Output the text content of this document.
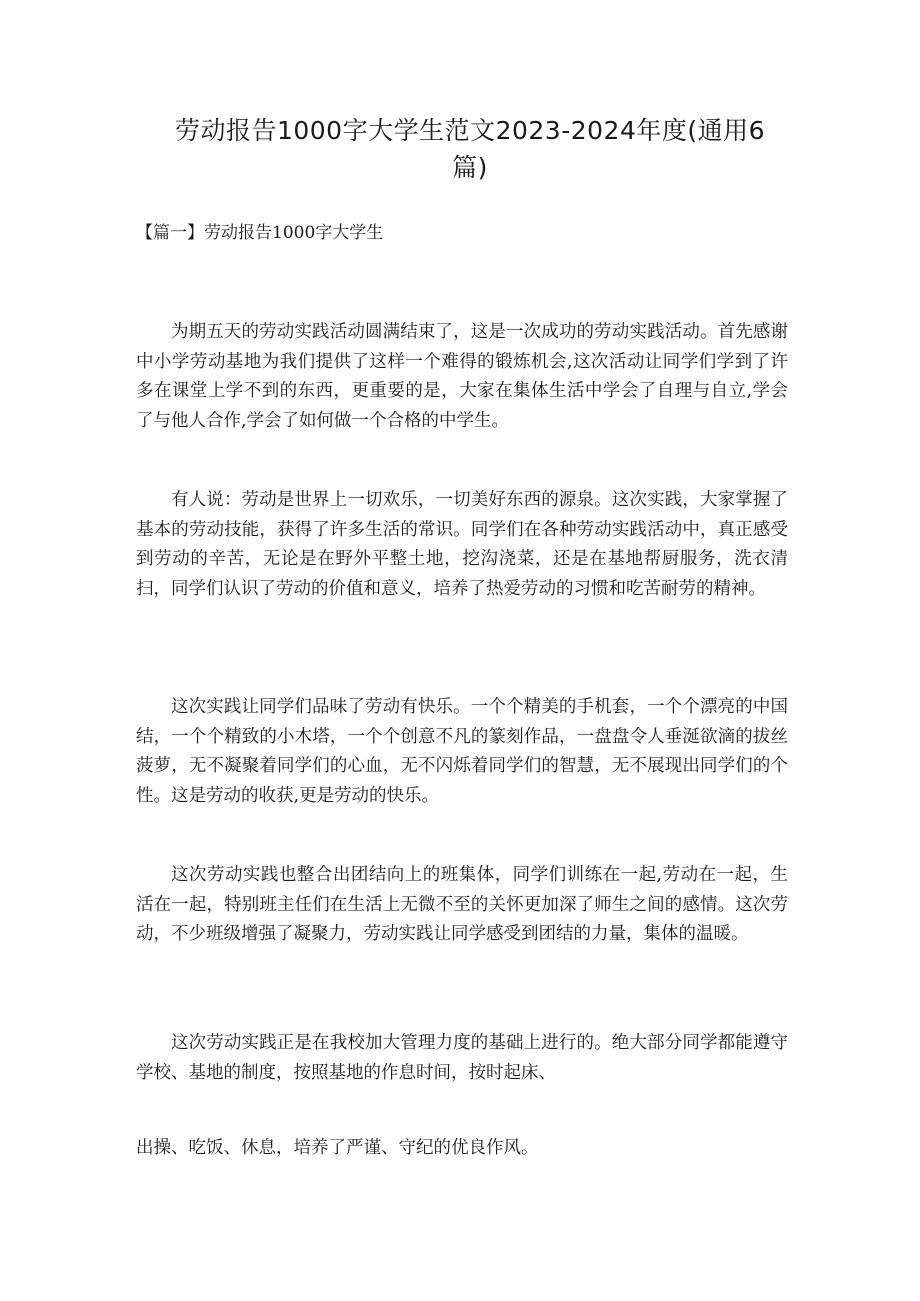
劳动报告1000字大学生范文2023-2024年度(通用6篇)
【篇一】劳动报告1000字大学生

为期五天的劳动实践活动圆满结束了，这是一次成功的劳动实践活动。首先感谢中小学劳动基地为我们提供了这样一个难得的锻炼机会,这次活动让同学们学到了许多在课堂上学不到的东西，更重要的是，大家在集体生活中学会了自理与自立,学会了与他人合作,学会了如何做一个合格的中学生。

有人说：劳动是世界上一切欢乐，一切美好东西的源泉。这次实践，大家掌握了基本的劳动技能，获得了许多生活的常识。同学们在各种劳动实践活动中，真正感受到劳动的辛苦，无论是在野外平整土地，挖沟浇菜，还是在基地帮厨服务，洗衣清扫，同学们认识了劳动的价值和意义，培养了热爱劳动的习惯和吃苦耐劳的精神。

这次实践让同学们品味了劳动有快乐。一个个精美的手机套，一个个漂亮的中国结，一个个精致的小木塔，一个个创意不凡的篆刻作品，一盘盘令人垂涎欲滴的拔丝菠萝，无不凝聚着同学们的心血，无不闪烁着同学们的智慧，无不展现出同学们的个性。这是劳动的收获,更是劳动的快乐。

这次劳动实践也整合出团结向上的班集体，同学们训练在一起,劳动在一起，生活在一起，特别班主任们在生活上无微不至的关怀更加深了师生之间的感情。这次劳动，不少班级增强了凝聚力，劳动实践让同学感受到团结的力量，集体的温暖。

这次劳动实践正是在我校加大管理力度的基础上进行的。绝大部分同学都能遵守学校、基地的制度，按照基地的作息时间，按时起床、

出操、吃饭、休息，培养了严谨、守纪的优良作风。
